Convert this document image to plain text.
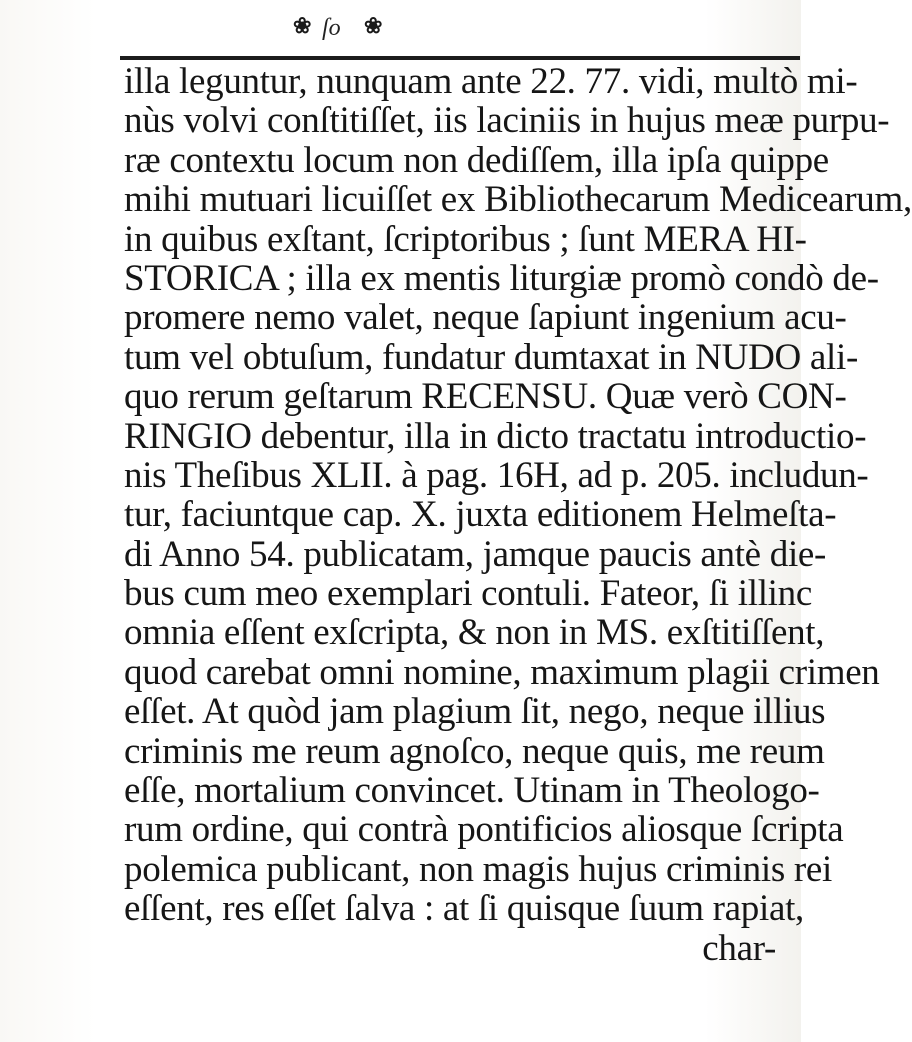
❀ ſo ❀
illa leguntur, nunquam ante 22. 77. vidi, multò mi-
nùs volvi conſtitiſſet, iis laciniis in hujus meæ purpu-
ræ contextu locum non dediſſem, illa ipſa quippe
mihi mutuari licuiſſet ex Bibliothecarum Medicearum,
in quibus exſtant, ſcriptoribus ; ſunt MERA HI-
STORICA ; illa ex mentis liturgiæ promò condò de-
promere nemo valet, neque ſapiunt ingenium acu-
tum vel obtuſum, fundatur dumtaxat in NUDO ali-
quo rerum geſtarum RECENSU. Quæ verò CON-
RINGIO debentur, illa in dicto tractatu introductio-
nis Theſibus XLII. à pag. 16H, ad p. 205. includun-
tur, faciuntque cap. X. juxta editionem Helmeſta-
di Anno 54. publicatam, jamque paucis antè die-
bus cum meo exemplari contuli. Fateor, ſi illinc
omnia eſſent exſcripta, & non in MS. exſtitiſſent,
quod carebat omni nomine, maximum plagii crimen
eſſet. At quòd jam plagium ſit, nego, neque illius
criminis me reum agnoſco, neque quis, me reum
eſſe, mortalium convincet. Utinam in Theologo-
rum ordine, qui contrà pontificios aliosque ſcripta
polemica publicant, non magis hujus criminis rei
eſſent, res eſſet ſalva : at ſi quisque ſuum rapiat,
char-
